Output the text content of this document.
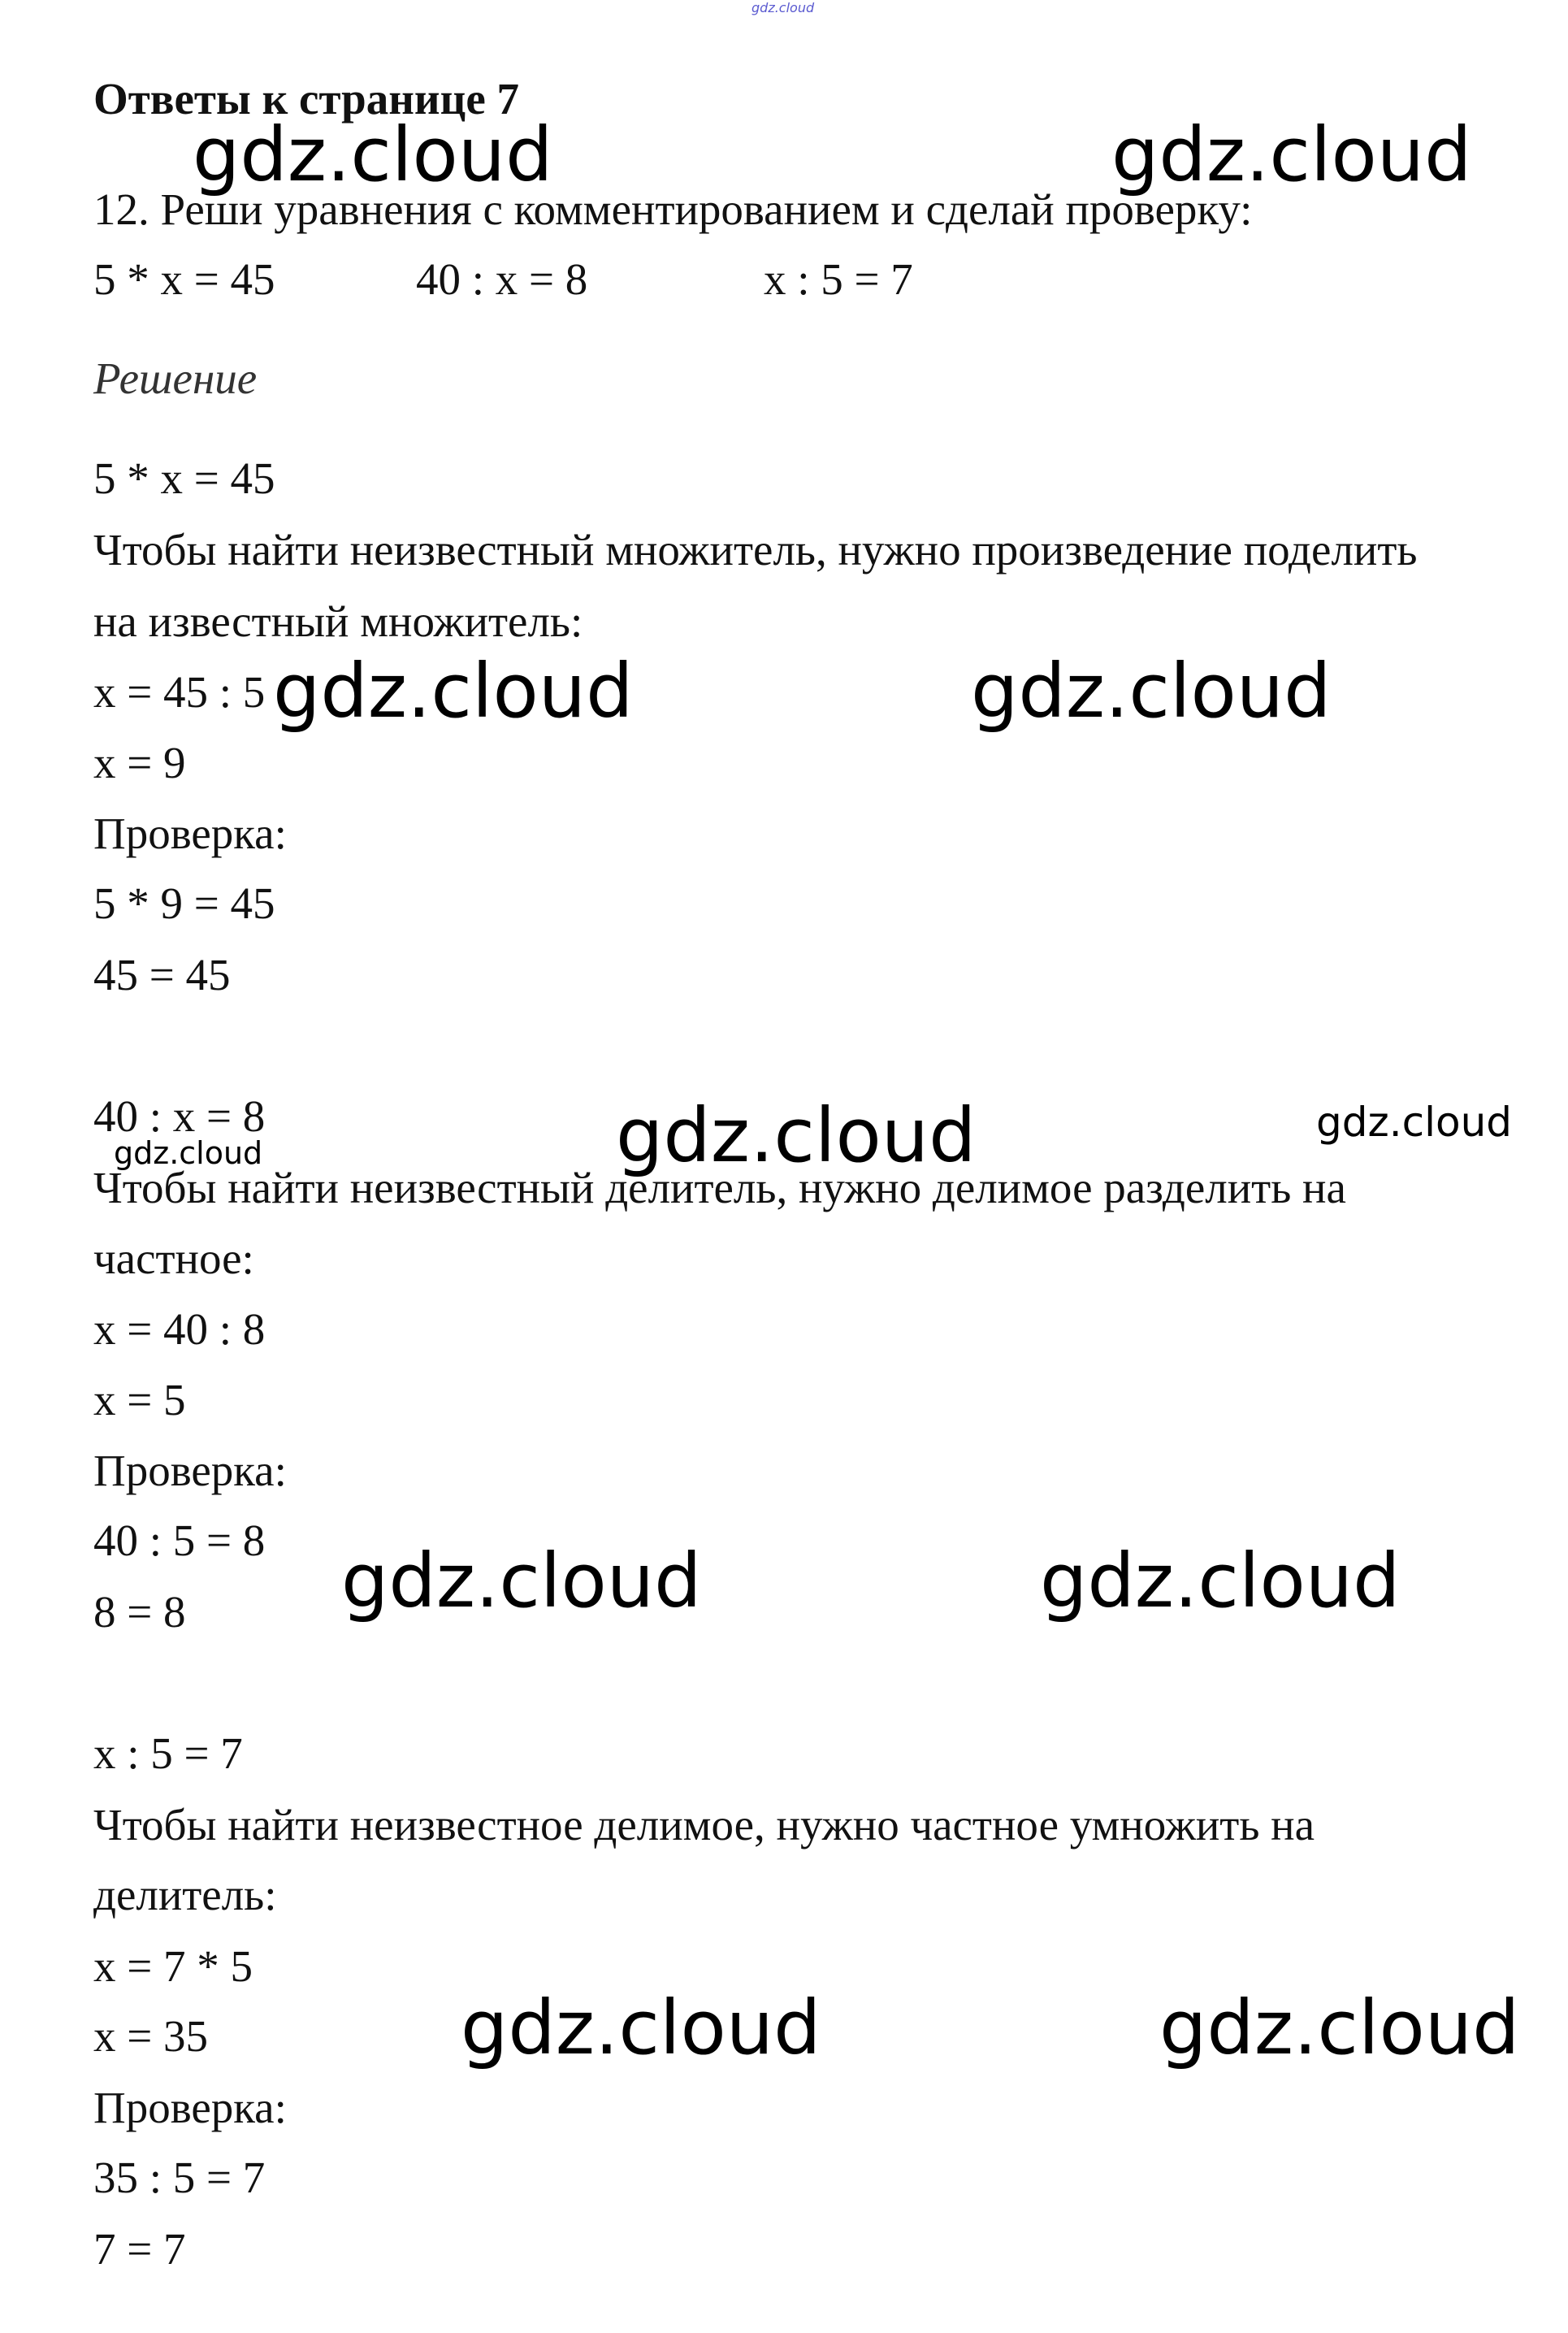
gdz.cloud
Ответы к странице 7
12. Реши уравнения с комментированием и сделай проверку:
5 * x = 45	40 : x = 8	x : 5 = 7
Решение
5 * x = 45
Чтобы найти неизвестный множитель, нужно произведение поделить
на известный множитель:
x = 45 : 5
x = 9
Проверка:
5 * 9 = 45
45 = 45
40 : x = 8
Чтобы найти неизвестный делитель, нужно делимое разделить на
частное:
x = 40 : 8
x = 5
Проверка:
40 : 5 = 8
8 = 8
x : 5 = 7
Чтобы найти неизвестное делимое, нужно частное умножить на
делитель:
x = 7 * 5
x = 35
Проверка:
35 : 5 = 7
7 = 7
gdz.cloud	gdz.cloud
gdz.cloud	gdz.cloud
gdz.cloud	gdz.cloud
gdz.cloud
gdz.cloud	gdz.cloud
gdz.cloud	gdz.cloud
